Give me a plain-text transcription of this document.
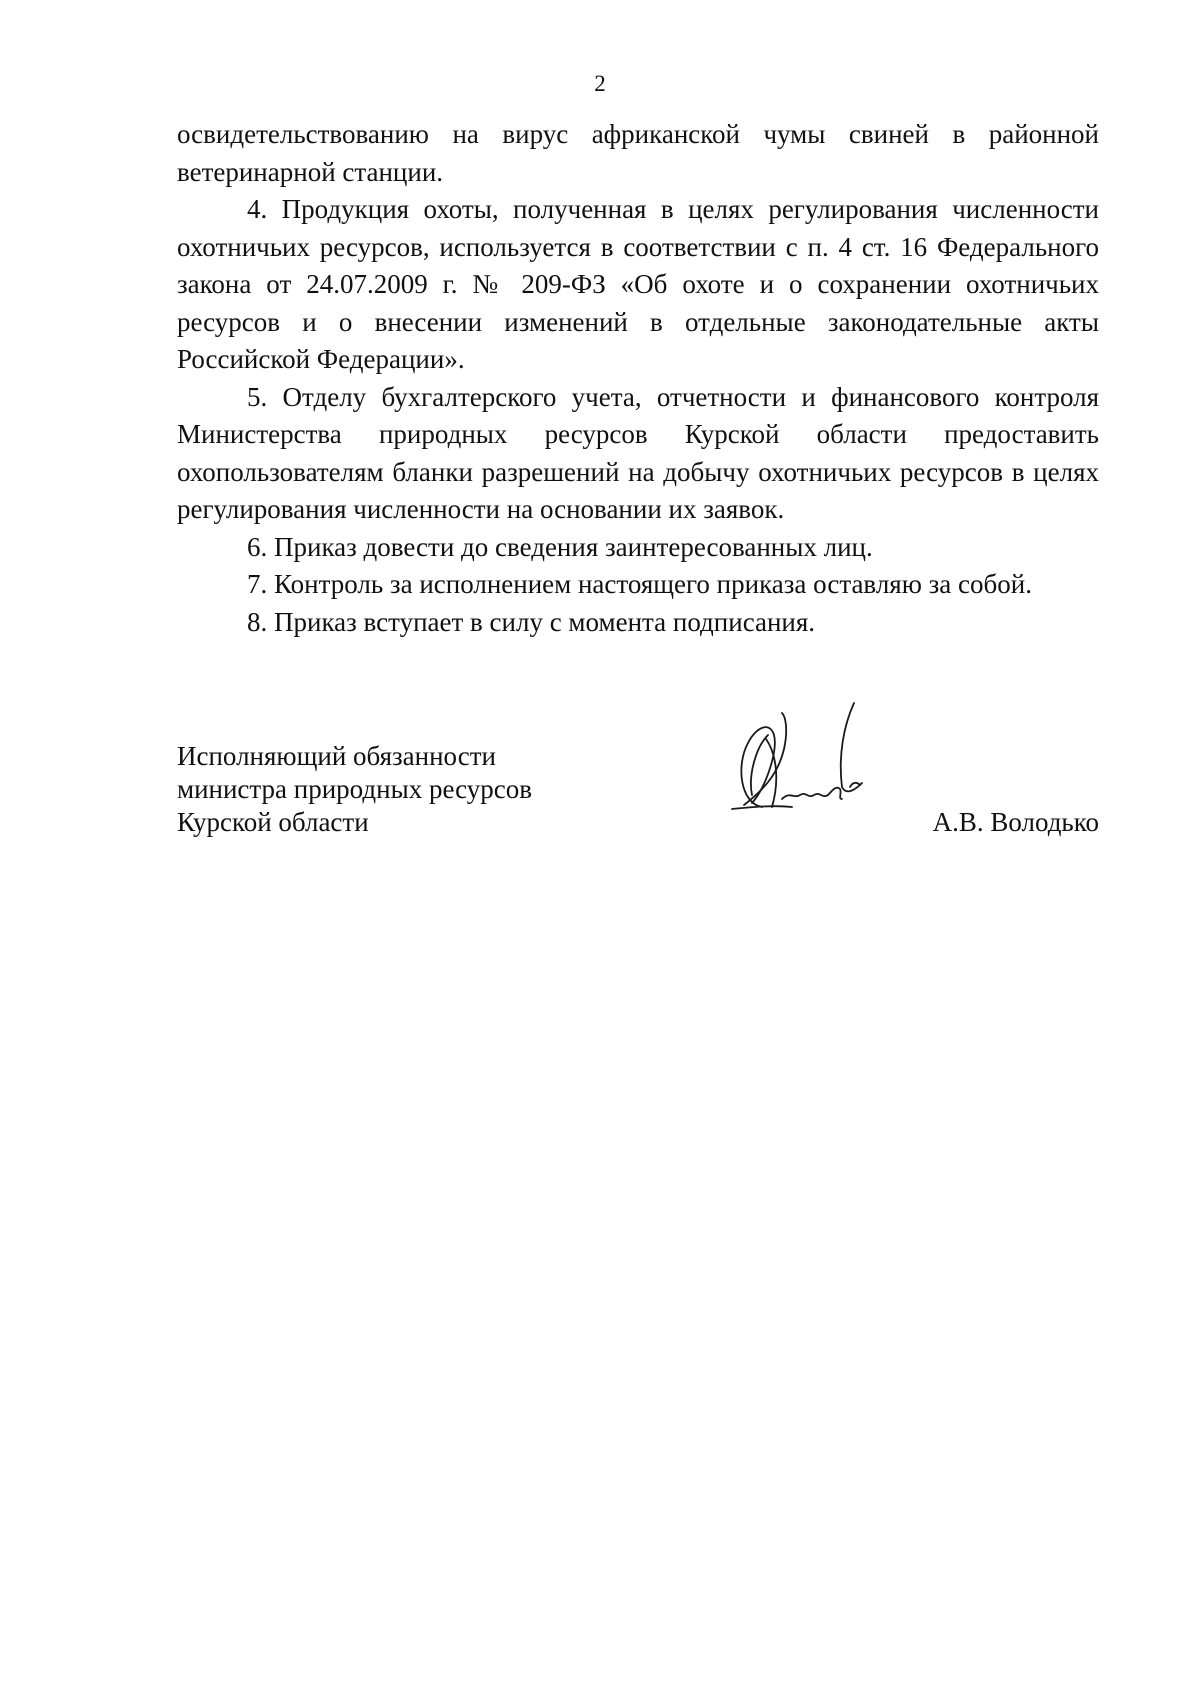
2

освидетельствованию на вирус африканской чумы свиней в районной ветеринарной станции.

4. Продукция охоты, полученная в целях регулирования численности охотничьих ресурсов, используется в соответствии с п. 4 ст. 16 Федерального закона от 24.07.2009 г. № 209-ФЗ «Об охоте и о сохранении охотничьих ресурсов и о внесении изменений в отдельные законодательные акты Российской Федерации».

5. Отделу бухгалтерского учета, отчетности и финансового контроля Министерства природных ресурсов Курской области предоставить охопользователям бланки разрешений на добычу охотничьих ресурсов в целях регулирования численности на основании их заявок.

6. Приказ довести до сведения заинтересованных лиц.

7. Контроль за исполнением настоящего приказа оставляю за собой.

8. Приказ вступает в силу с момента подписания.

Исполняющий обязанности
министра природных ресурсов
Курской области	А.В. Володько
